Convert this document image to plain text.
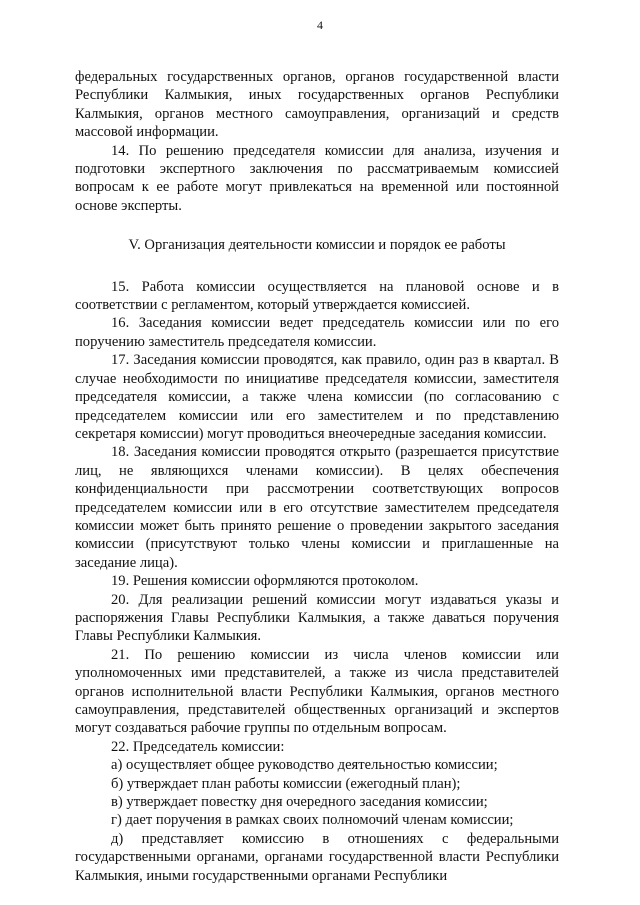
4

федеральных государственных органов, органов государственной власти Республики Калмыкия, иных государственных органов Республики Калмыкия, органов местного самоуправления, организаций и средств массовой информации.

14. По решению председателя комиссии для анализа, изучения и подготовки экспертного заключения по рассматриваемым комиссией вопросам к ее работе могут привлекаться на временной или постоянной основе эксперты.

V. Организация деятельности комиссии и порядок ее работы

15. Работа комиссии осуществляется на плановой основе и в соответствии с регламентом, который утверждается комиссией.

16. Заседания комиссии ведет председатель комиссии или по его поручению заместитель председателя комиссии.

17. Заседания комиссии проводятся, как правило, один раз в квартал. В случае необходимости по инициативе председателя комиссии, заместителя председателя комиссии, а также члена комиссии (по согласованию с председателем комиссии или его заместителем и по представлению секретаря комиссии) могут проводиться внеочередные заседания комиссии.

18. Заседания комиссии проводятся открыто (разрешается присутствие лиц, не являющихся членами комиссии). В целях обеспечения конфиденциальности при рассмотрении соответствующих вопросов председателем комиссии или в его отсутствие заместителем председателя комиссии может быть принято решение о проведении закрытого заседания комиссии (присутствуют только члены комиссии и приглашенные на заседание лица).

19. Решения комиссии оформляются протоколом.

20. Для реализации решений комиссии могут издаваться указы и распоряжения Главы Республики Калмыкия, а также даваться поручения Главы Республики Калмыкия.

21. По решению комиссии из числа членов комиссии или уполномоченных ими представителей, а также из числа представителей органов исполнительной власти Республики Калмыкия, органов местного самоуправления, представителей общественных организаций и экспертов могут создаваться рабочие группы по отдельным вопросам.

22. Председатель комиссии:

а) осуществляет общее руководство деятельностью комиссии;

б) утверждает план работы комиссии (ежегодный план);

в) утверждает повестку дня очередного заседания комиссии;

г) дает поручения в рамках своих полномочий членам комиссии;

д) представляет комиссию в отношениях с федеральными государственными органами, органами государственной власти Республики Калмыкия, иными государственными органами Республики
